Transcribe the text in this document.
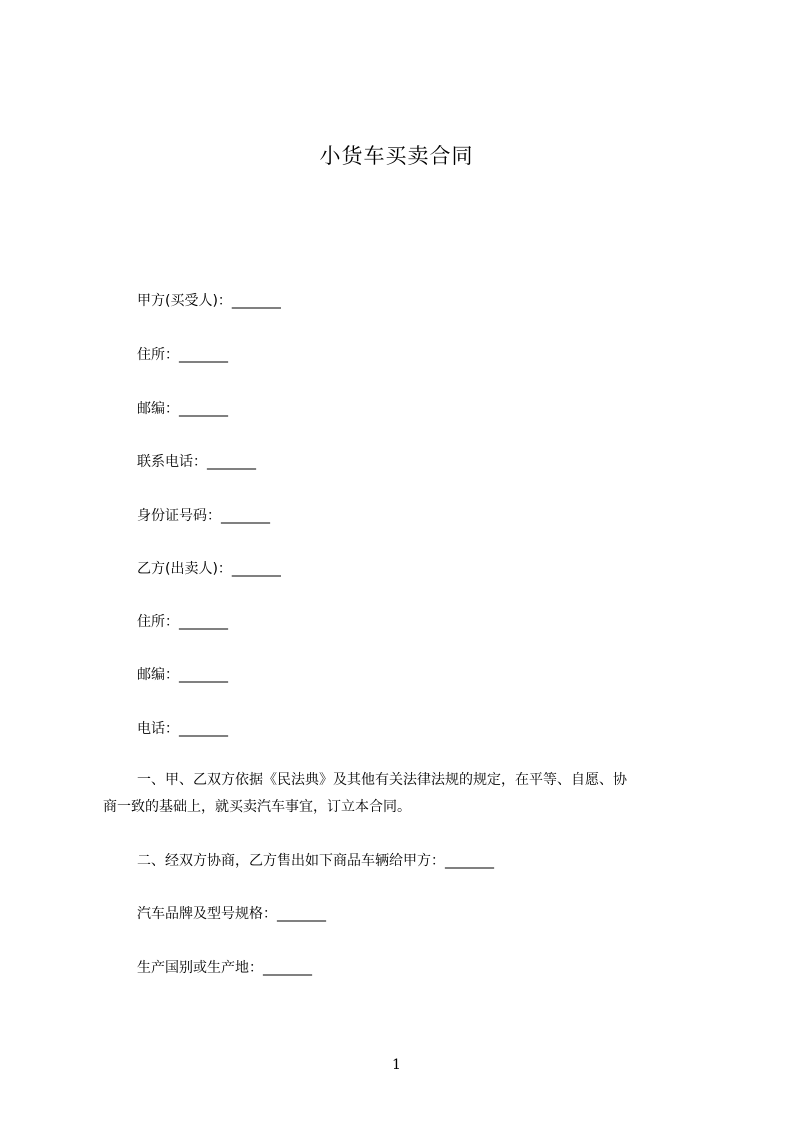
小货车买卖合同
甲方(买受人)：_______
住所：_______
邮编：_______
联系电话：_______
身份证号码：_______
乙方(出卖人)：_______
住所：_______
邮编：_______
电话：_______
一、甲、乙双方依据《民法典》及其他有关法律法规的规定，在平等、自愿、协
商一致的基础上，就买卖汽车事宜，订立本合同。
二、经双方协商，乙方售出如下商品车辆给甲方：_______
汽车品牌及型号规格：_______
生产国别或生产地：_______
1
